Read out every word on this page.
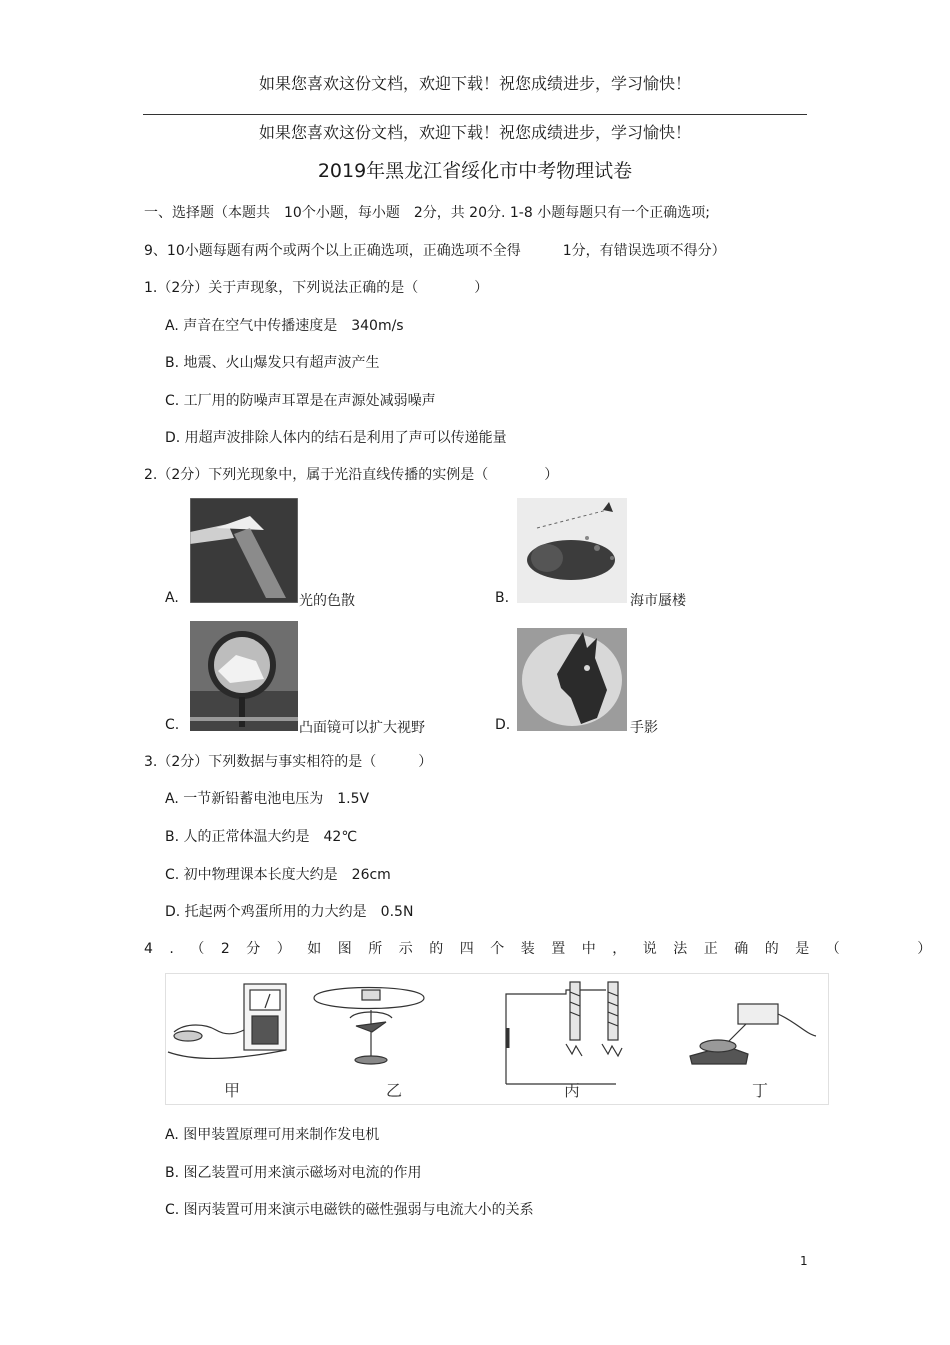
如果您喜欢这份文档，欢迎下载！祝您成绩进步，学习愉快！
如果您喜欢这份文档，欢迎下载！祝您成绩进步，学习愉快！
2019年黑龙江省绥化市中考物理试卷
一、选择题（本题共　10个小题，每小题　2分，共 20分. 1-8 小题每题只有一个正确选项;
9、10小题每题有两个或两个以上正确选项，正确选项不全得　　　1分，有错误选项不得分）
1.（2分）关于声现象，下列说法正确的是（　　　　）
A. 声音在空气中传播速度是　340m/s
B. 地震、火山爆发只有超声波产生
C. 工厂用的防噪声耳罩是在声源处减弱噪声
D. 用超声波排除人体内的结石是利用了声可以传递能量
2.（2分）下列光现象中，属于光沿直线传播的实例是（　　　　）
A.	光的色散	B.	海市蜃楼
C.	凸面镜可以扩大视野	D.	手影
3.（2分）下列数据与事实相符的是（　　　）
A. 一节新铅蓄电池电压为　1.5V
B. 人的正常体温大约是　42℃
C. 初中物理课本长度大约是　26cm
D. 托起两个鸡蛋所用的力大约是　0.5N
4.（2分）如图所示的四个装置中，说法正确的是（　　）
甲	乙	丙	丁
A. 图甲装置原理可用来制作发电机
B. 图乙装置可用来演示磁场对电流的作用
C. 图丙装置可用来演示电磁铁的磁性强弱与电流大小的关系
1
